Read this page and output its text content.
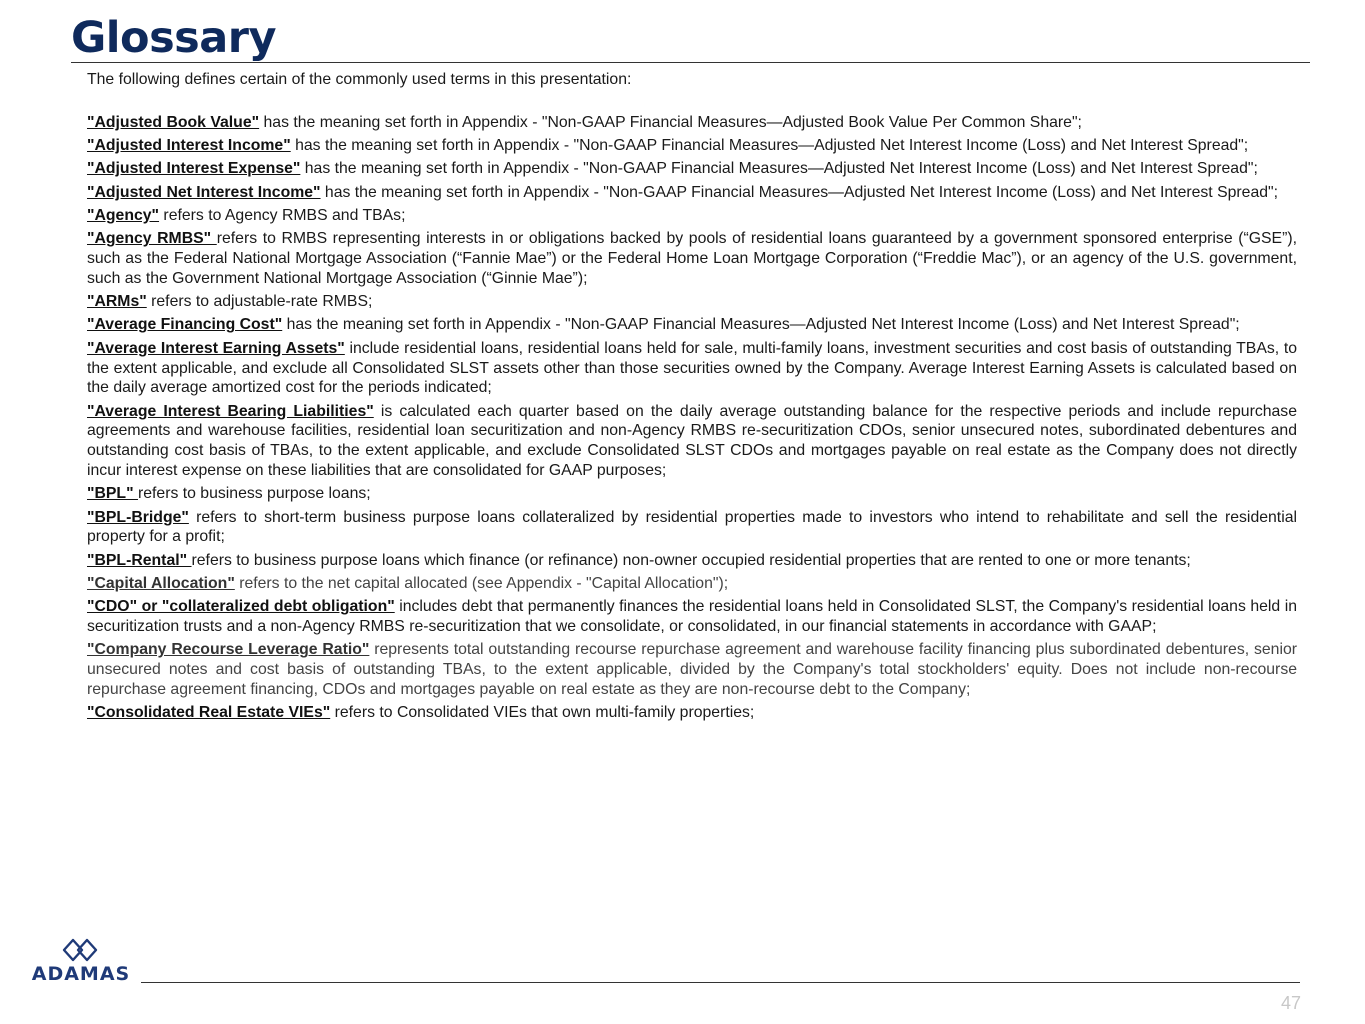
Glossary

The following defines certain of the commonly used terms in this presentation:

"Adjusted Book Value" has the meaning set forth in Appendix - "Non-GAAP Financial Measures—Adjusted Book Value Per Common Share";

"Adjusted Interest Income" has the meaning set forth in Appendix - "Non-GAAP Financial Measures—Adjusted Net Interest Income (Loss) and Net Interest Spread";

"Adjusted Interest Expense" has the meaning set forth in Appendix - "Non-GAAP Financial Measures—Adjusted Net Interest Income (Loss) and Net Interest Spread";

"Adjusted Net Interest Income" has the meaning set forth in Appendix - "Non-GAAP Financial Measures—Adjusted Net Interest Income (Loss) and Net Interest Spread";

"Agency" refers to Agency RMBS and TBAs;

"Agency RMBS" refers to RMBS representing interests in or obligations backed by pools of residential loans guaranteed by a government sponsored enterprise (“GSE”), such as the Federal National Mortgage Association (“Fannie Mae”) or the Federal Home Loan Mortgage Corporation (“Freddie Mac”), or an agency of the U.S. government, such as the Government National Mortgage Association (“Ginnie Mae”);

"ARMs" refers to adjustable-rate RMBS;

"Average Financing Cost" has the meaning set forth in Appendix - "Non-GAAP Financial Measures—Adjusted Net Interest Income (Loss) and Net Interest Spread";

"Average Interest Earning Assets" include residential loans, residential loans held for sale, multi-family loans, investment securities and cost basis of outstanding TBAs, to the extent applicable, and exclude all Consolidated SLST assets other than those securities owned by the Company. Average Interest Earning Assets is calculated based on the daily average amortized cost for the periods indicated;

"Average Interest Bearing Liabilities" is calculated each quarter based on the daily average outstanding balance for the respective periods and include repurchase agreements and warehouse facilities, residential loan securitization and non-Agency RMBS re-securitization CDOs, senior unsecured notes, subordinated debentures and outstanding cost basis of TBAs, to the extent applicable, and exclude Consolidated SLST CDOs and mortgages payable on real estate as the Company does not directly incur interest expense on these liabilities that are consolidated for GAAP purposes;

"BPL" refers to business purpose loans;

"BPL-Bridge" refers to short-term business purpose loans collateralized by residential properties made to investors who intend to rehabilitate and sell the residential property for a profit;

"BPL-Rental" refers to business purpose loans which finance (or refinance) non-owner occupied residential properties that are rented to one or more tenants;

"Capital Allocation" refers to the net capital allocated (see Appendix - "Capital Allocation");

"CDO" or "collateralized debt obligation" includes debt that permanently finances the residential loans held in Consolidated SLST, the Company's residential loans held in securitization trusts and a non-Agency RMBS re-securitization that we consolidate, or consolidated, in our financial statements in accordance with GAAP;

"Company Recourse Leverage Ratio" represents total outstanding recourse repurchase agreement and warehouse facility financing plus subordinated debentures, senior unsecured notes and cost basis of outstanding TBAs, to the extent applicable, divided by the Company's total stockholders' equity. Does not include non-recourse repurchase agreement financing, CDOs and mortgages payable on real estate as they are non-recourse debt to the Company;

"Consolidated Real Estate VIEs" refers to Consolidated VIEs that own multi-family properties;

ADAMAS
47
